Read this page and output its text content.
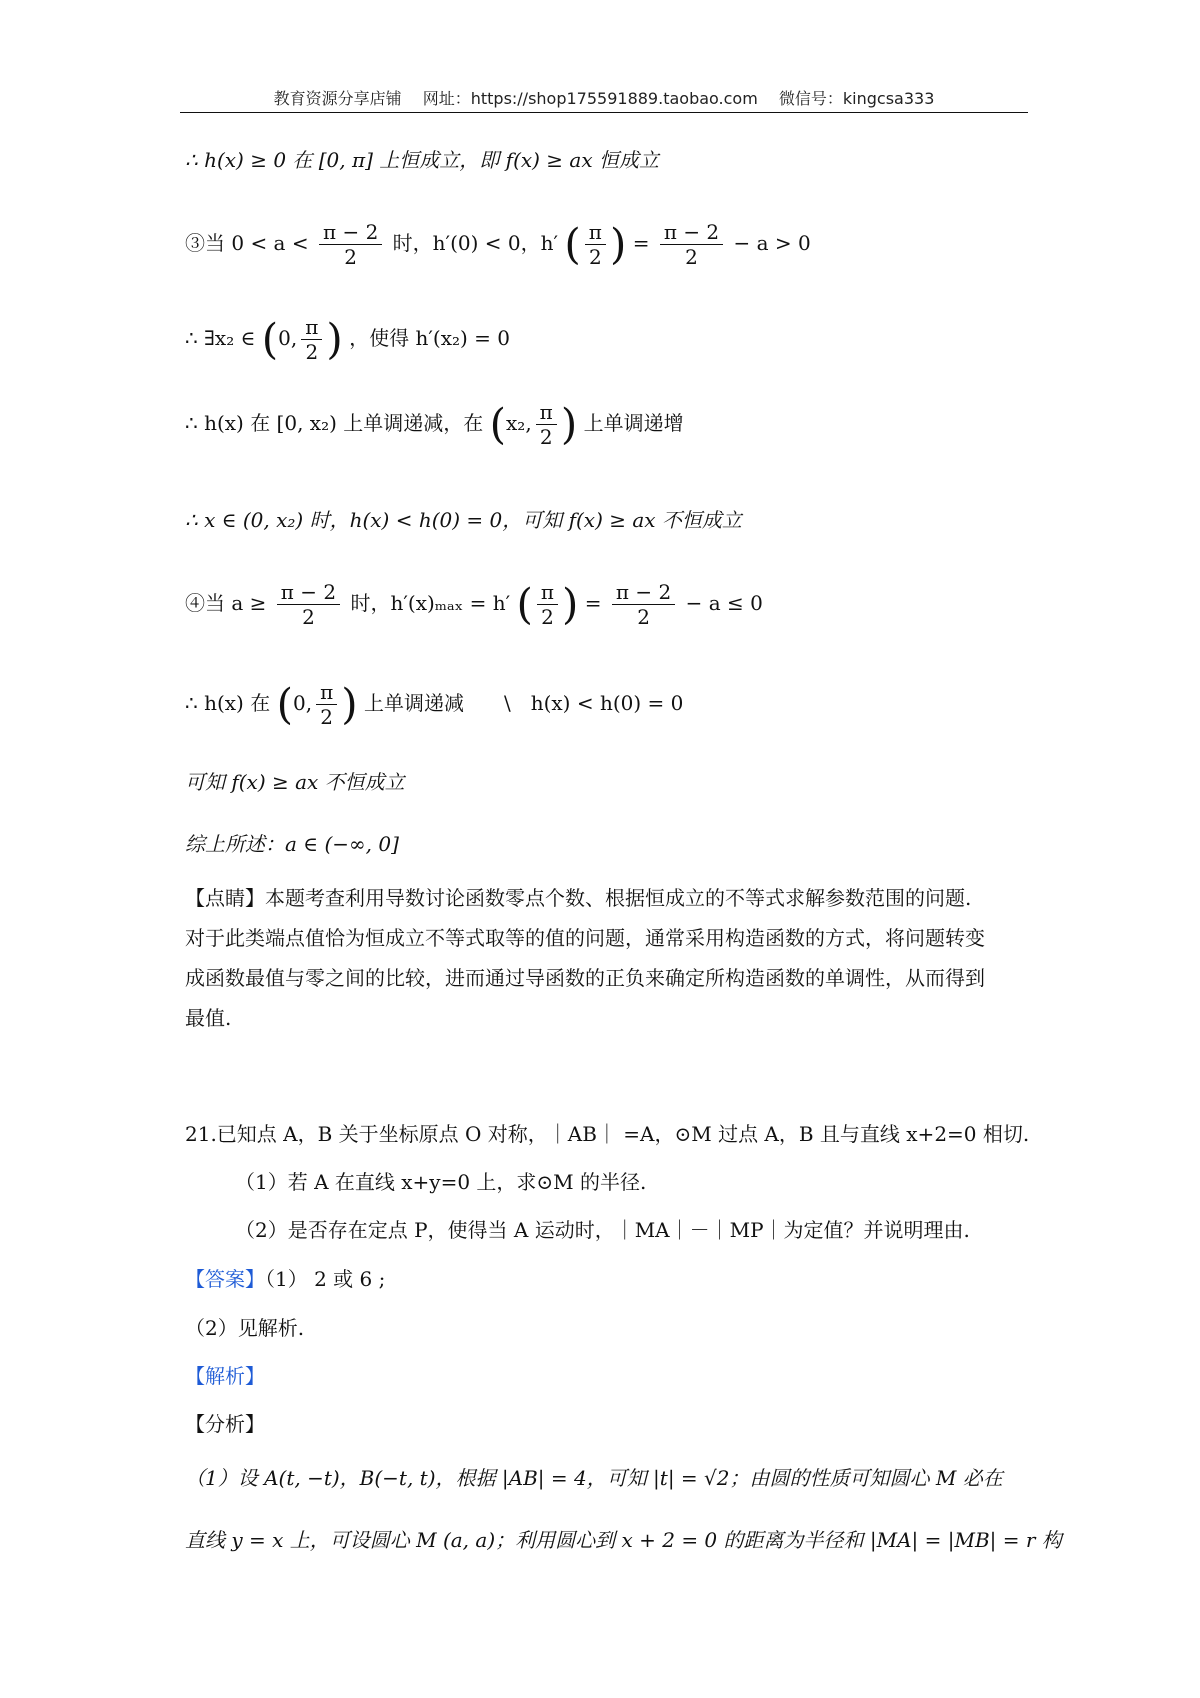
教育资源分享店铺 网址：https://shop175591889.taobao.com 微信号：kingcsa333
∴ h(x) ≥ 0 在 [0, π] 上恒成立，即 f(x) ≥ ax 恒成立
③当 $0 < a < \frac{\pi - 2}{2}$ 时，h′(0) < 0，h′ ( $\frac{\pi}{2}$ ) = $\frac{\pi - 2}{2} - a > 0$
∴ ∃x₂ ∈ (0, $\frac{\pi}{2}$ ) ，使得 h′(x₂) = 0
∴ h(x) 在 [0, x₂) 上单调递减，在 (x₂, $\frac{\pi}{2}$ ) 上单调递增
∴ x ∈ (0, x₂) 时，h(x) < h(0) = 0，可知 f(x) ≥ ax 不恒成立
④当 $a \ge \frac{\pi - 2}{2}$ 时，h′(x)ₘₐₓ = h′ ( $\frac{\pi}{2}$ ) = $\frac{\pi - 2}{2} - a \le 0$
∴ h(x) 在 (0, $\frac{\pi}{2}$ ) 上单调递减　　\　h(x) < h(0) = 0
可知 f(x) ≥ ax 不恒成立
综上所述：a ∈ (−∞, 0]
【点睛】本题考查利用导数讨论函数零点个数、根据恒成立的不等式求解参数范围的问题.
对于此类端点值恰为恒成立不等式取等的值的问题，通常采用构造函数的方式，将问题转变
成函数最值与零之间的比较，进而通过导函数的正负来确定所构造函数的单调性，从而得到
最值.
21.已知点 A，B 关于坐标原点 O 对称，｜AB｜ =A，⊙M 过点 A，B 且与直线 x+2=0 相切.
（1）若 A 在直线 x+y=0 上，求⊙M 的半径.
（2）是否存在定点 P，使得当 A 运动时，｜MA｜－｜MP｜为定值？并说明理由.
【答案】（1） 2 或 6 ;
（2）见解析.
【解析】
【分析】
（1）设 A(t, −t)，B(−t, t)，根据 |AB| = 4，可知 |t| = √2；由圆的性质可知圆心 M 必在
直线 y = x 上，可设圆心 M (a, a)；利用圆心到 x + 2 = 0 的距离为半径和 |MA| = |MB| = r 构
